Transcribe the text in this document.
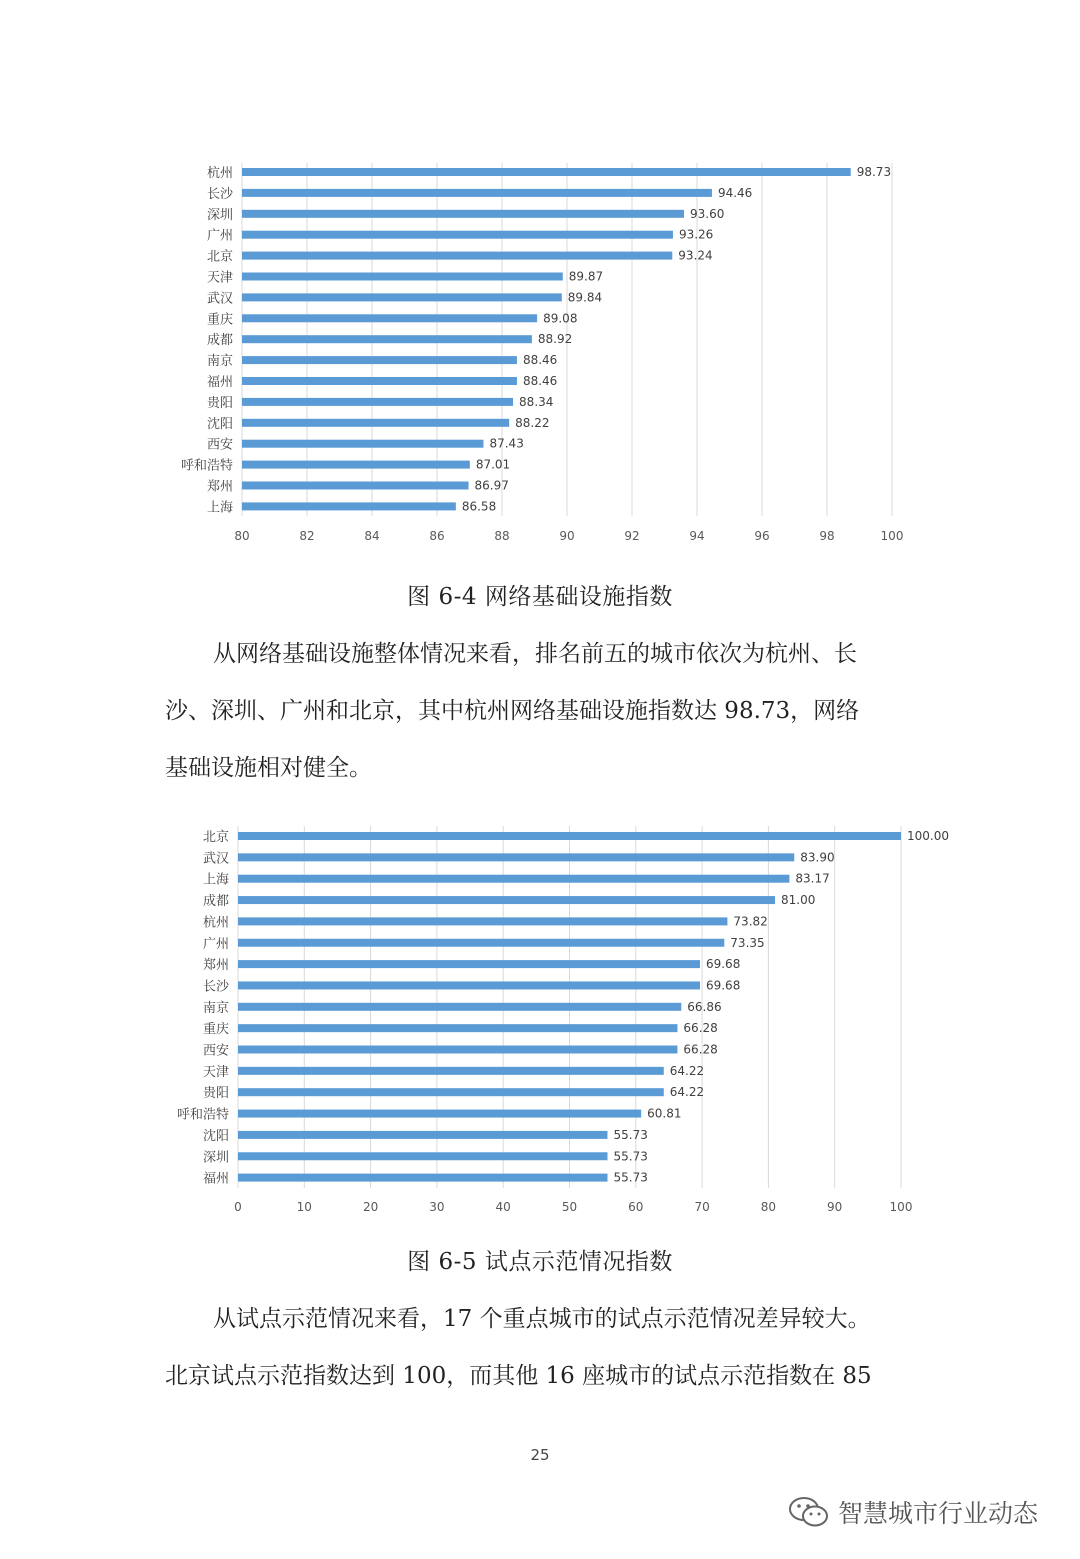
80	82	84	86	88	90	92	94	96	98	100
杭州	98.73
长沙	94.46
深圳	93.60
广州	93.26
北京	93.24
天津	89.87
武汉	89.84
重庆	89.08
成都	88.92
南京	88.46
福州	88.46
贵阳	88.34
沈阳	88.22
西安	87.43
呼和浩特	87.01
郑州	86.97
上海	86.58
图 6-4 网络基础设施指数
从网络基础设施整体情况来看，排名前五的城市依次为杭州、长
沙、深圳、广州和北京，其中杭州网络基础设施指数达 98.73，网络
基础设施相对健全。
0	10	20	30	40	50	60	70	80	90	100
北京	100.00
武汉	83.90
上海	83.17
成都	81.00
杭州	73.82
广州	73.35
郑州	69.68
长沙	69.68
南京	66.86
重庆	66.28
西安	66.28
天津	64.22
贵阳	64.22
呼和浩特	60.81
沈阳	55.73
深圳	55.73
福州	55.73
图 6-5 试点示范情况指数
从试点示范情况来看，17 个重点城市的试点示范情况差异较大。
北京试点示范指数达到 100，而其他 16 座城市的试点示范指数在 85
25
智慧城市行业动态
